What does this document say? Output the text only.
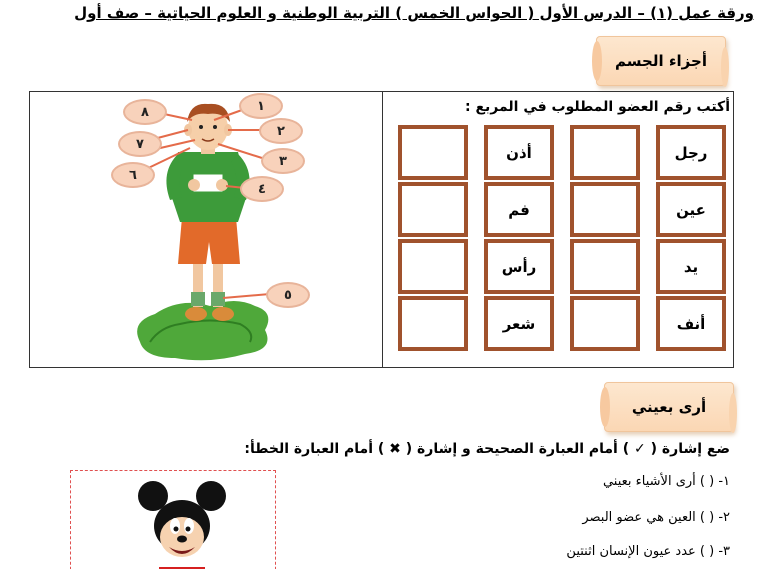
ورقة عمل (١) – الدرس الأول ( الحواس الخمس ) التربية الوطنية و العلوم الحياتية – صف أول
أجزاء الجسم
أكتب رقم العضو المطلوب في المربع :
رجل
عين
يد
أنف
أذن
فم
رأس
شعر
١
٢
٣
٤
٥
٦
٧
٨
أرى بعيني
ضع إشارة ( ✓ ) أمام العبارة الصحيحة و إشارة ( ✖ ) أمام العبارة الخطأ:
١- ( ) أرى الأشياء بعيني
٢- ( ) العين هي عضو البصر
٣- ( ) عدد عيون الإنسان اثنتين
